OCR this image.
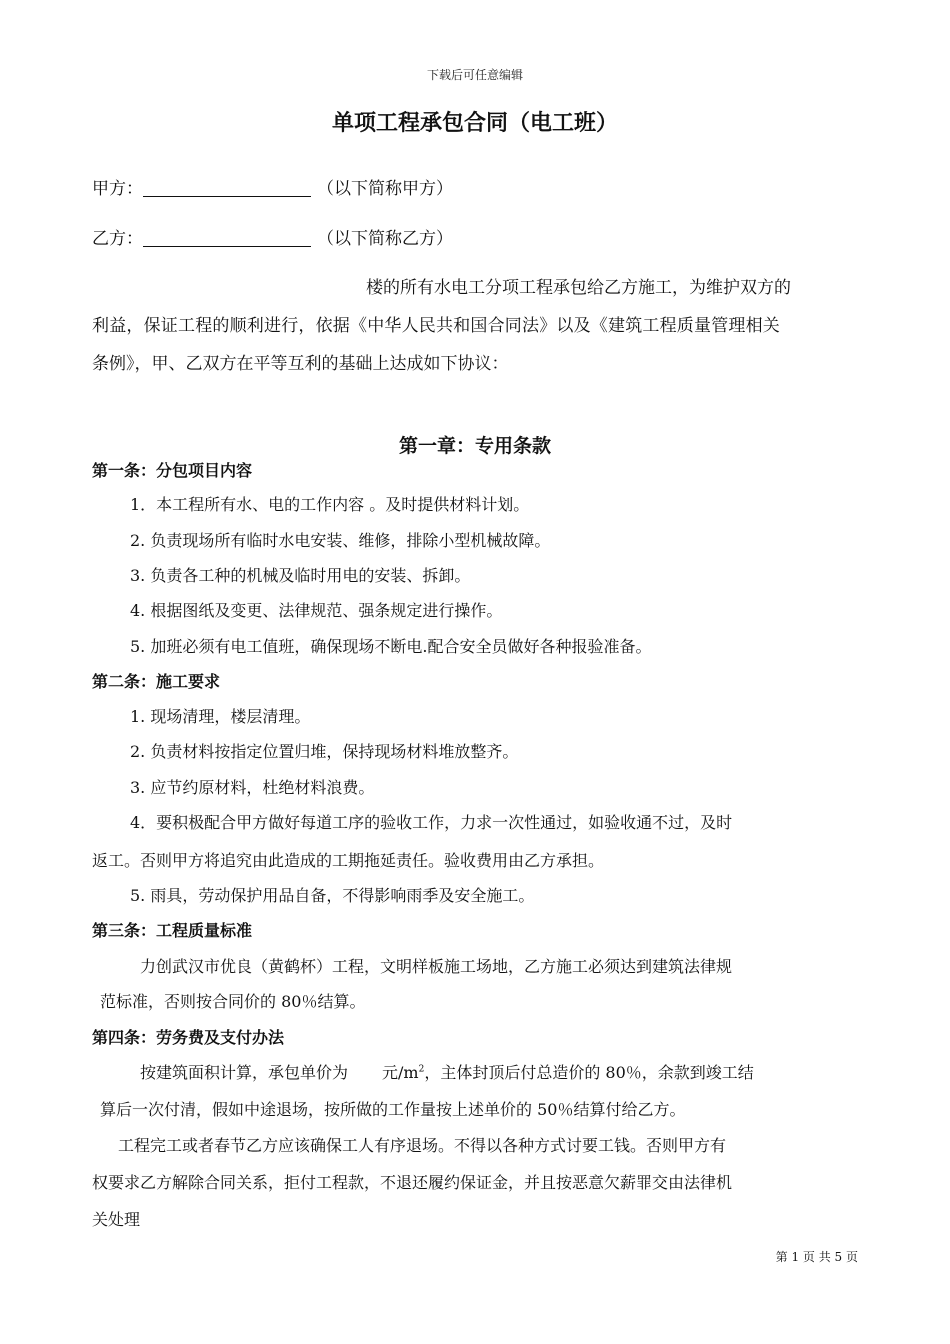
下载后可任意编辑
单项工程承包合同（电工班）
甲方：	（以下简称甲方）
乙方：	（以下简称乙方）
楼的所有水电工分项工程承包给乙方施工，为维护双方的
利益，保证工程的顺利进行，依据《中华人民共和国合同法》以及《建筑工程质量管理相关
条例》，甲、乙双方在平等互利的基础上达成如下协议：
第一章：专用条款
第一条：分包项目内容
1．本工程所有水、电的工作内容 。及时提供材料计划。
2. 负责现场所有临时水电安装、维修，排除小型机械故障。
3. 负责各工种的机械及临时用电的安装、拆卸。
4. 根据图纸及变更、法律规范、强条规定进行操作。
5. 加班必须有电工值班，确保现场不断电.配合安全员做好各种报验准备。
第二条：施工要求
1. 现场清理，楼层清理。
2. 负责材料按指定位置归堆，保持现场材料堆放整齐。
3. 应节约原材料，杜绝材料浪费。
4．要积极配合甲方做好每道工序的验收工作，力求一次性通过，如验收通不过，及时
返工。否则甲方将追究由此造成的工期拖延责任。验收费用由乙方承担。
5. 雨具，劳动保护用品自备，不得影响雨季及安全施工。
第三条：工程质量标准
力创武汉市优良（黄鹤杯）工程，文明样板施工场地，乙方施工必须达到建筑法律规
范标准，否则按合同价的 80％结算。
第四条：劳务费及支付办法
按建筑面积计算，承包单价为 元$/m^2$，主体封顶后付总造价的 80％，余款到竣工结
算后一次付清，假如中途退场，按所做的工作量按上述单价的 50％结算付给乙方。
工程完工或者春节乙方应该确保工人有序退场。不得以各种方式讨要工钱。否则甲方有
权要求乙方解除合同关系，拒付工程款，不退还履约保证金，并且按恶意欠薪罪交由法律机
关处理
第 1 页 共 5 页
